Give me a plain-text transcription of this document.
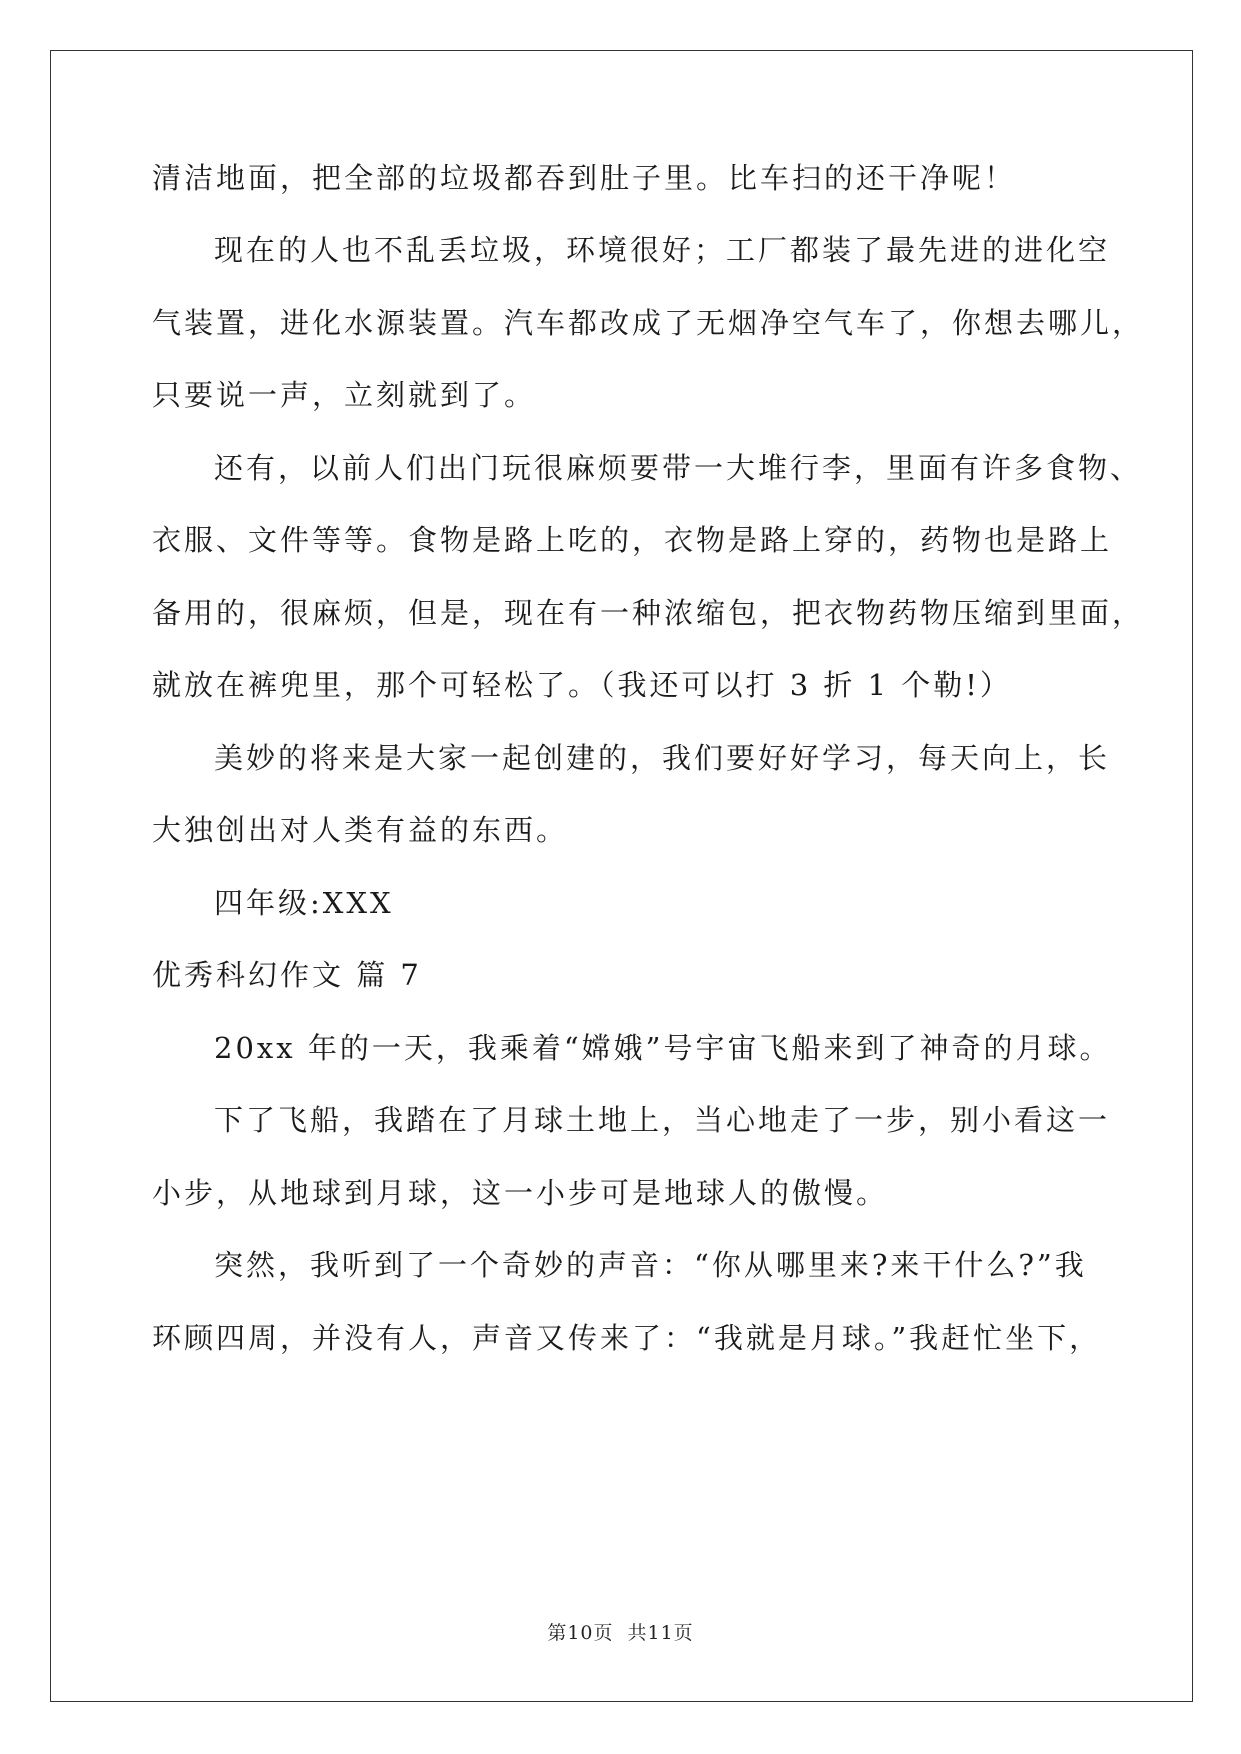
清洁地面，把全部的垃圾都吞到肚子里。比车扫的还干净呢！
现在的人也不乱丢垃圾，环境很好；工厂都装了最先进的进化空
气装置，进化水源装置。汽车都改成了无烟净空气车了，你想去哪儿，
只要说一声，立刻就到了。
还有，以前人们出门玩很麻烦要带一大堆行李，里面有许多食物、
衣服、文件等等。食物是路上吃的，衣物是路上穿的，药物也是路上
备用的，很麻烦，但是，现在有一种浓缩包，把衣物药物压缩到里面，
就放在裤兜里，那个可轻松了。（我还可以打 3 折 1 个勒!）
美妙的将来是大家一起创建的，我们要好好学习，每天向上，长
大独创出对人类有益的东西。
四年级:XXX
优秀科幻作文 篇 7
20xx 年的一天，我乘着“嫦娥”号宇宙飞船来到了神奇的月球。
下了飞船，我踏在了月球土地上，当心地走了一步，别小看这一
小步，从地球到月球，这一小步可是地球人的傲慢。
突然，我听到了一个奇妙的声音：“你从哪里来?来干什么?”我
环顾四周，并没有人，声音又传来了：“我就是月球。”我赶忙坐下，
第10页 共11页
